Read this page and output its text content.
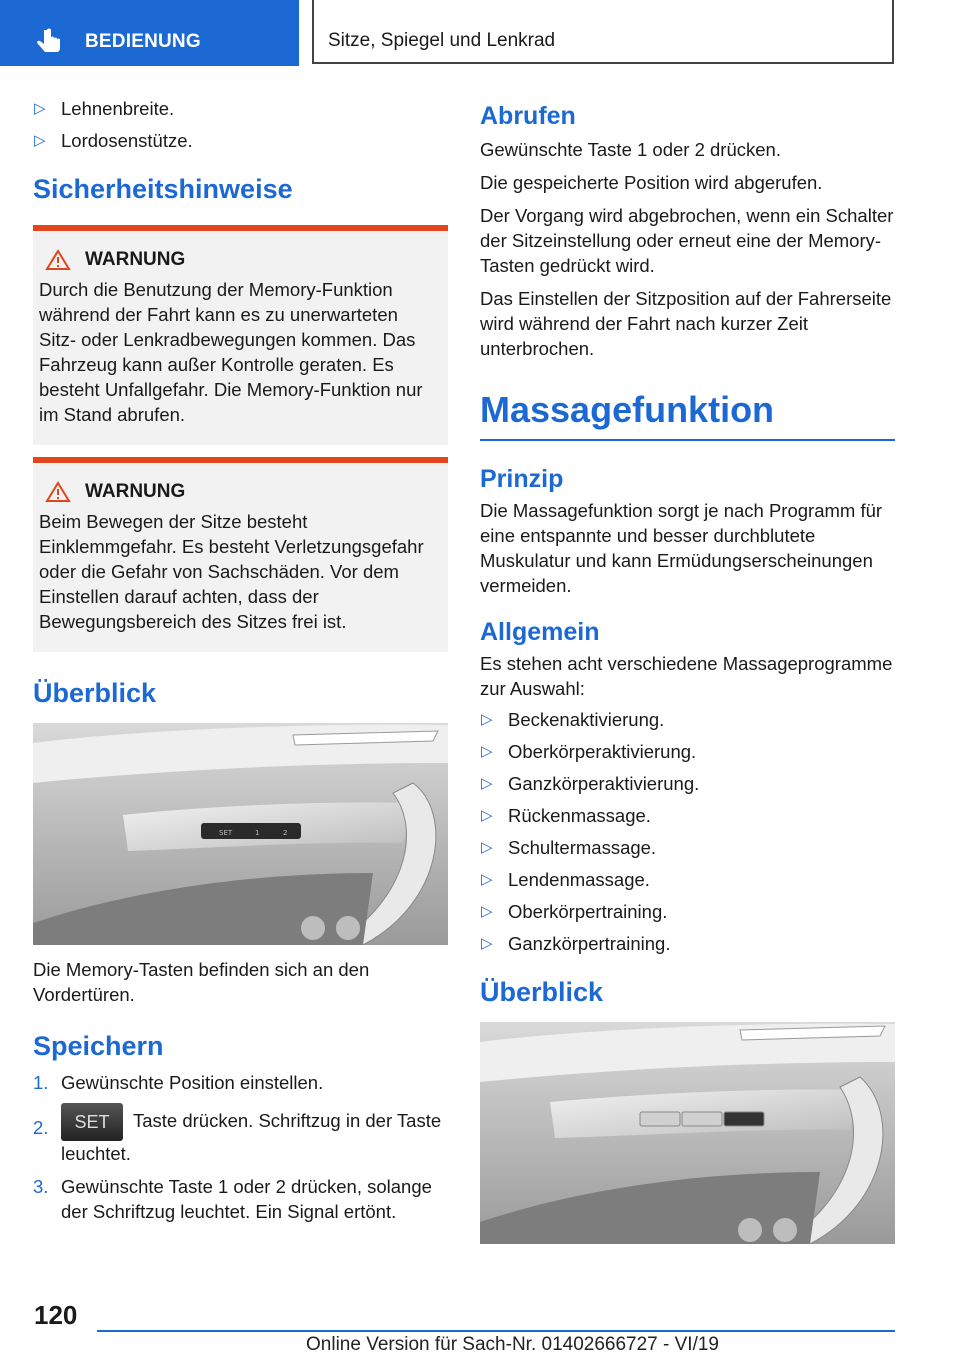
BEDIENUNG	Sitze, Spiegel und Lenkrad
▷ Lehnenbreite.
▷ Lordosenstütze.
Sicherheitshinweise
WARNUNG

Durch die Benutzung der Memory-Funktion während der Fahrt kann es zu unerwarteten Sitz- oder Lenkradbewegungen kommen. Das Fahrzeug kann außer Kontrolle geraten. Es besteht Unfallgefahr. Die Memory-Funktion nur im Stand abrufen.

WARNUNG

Beim Bewegen der Sitze besteht Einklemmgefahr. Es besteht Verletzungsgefahr oder die Gefahr von Sachschäden. Vor dem Einstellen darauf achten, dass der Bewegungsbereich des Sitzes frei ist.

Überblick
SET	1	2

Die Memory-Tasten befinden sich an den Vordertüren.

Speichern
1. Gewünschte Position einstellen.
2. SET Taste drücken. Schriftzug in der Taste leuchtet.
3. Gewünschte Taste 1 oder 2 drücken, solange der Schriftzug leuchtet. Ein Signal ertönt.
Abrufen

Gewünschte Taste 1 oder 2 drücken.

Die gespeicherte Position wird abgerufen.

Der Vorgang wird abgebrochen, wenn ein Schalter der Sitzeinstellung oder erneut eine der Memory-Tasten gedrückt wird.

Das Einstellen der Sitzposition auf der Fahrerseite wird während der Fahrt nach kurzer Zeit unterbrochen.

Massagefunktion
Prinzip

Die Massagefunktion sorgt je nach Programm für eine entspannte und besser durchblutete Muskulatur und kann Ermüdungserscheinungen vermeiden.

Allgemein

Es stehen acht verschiedene Massageprogramme zur Auswahl:

▷ Beckenaktivierung.
▷ Oberkörperaktivierung.
▷ Ganzkörperaktivierung.
▷ Rückenmassage.
▷ Schultermassage.
▷ Lendenmassage.
▷ Oberkörpertraining.
▷ Ganzkörpertraining.
Überblick
120
Online Version für Sach-Nr. 01402666727 - VI/19
